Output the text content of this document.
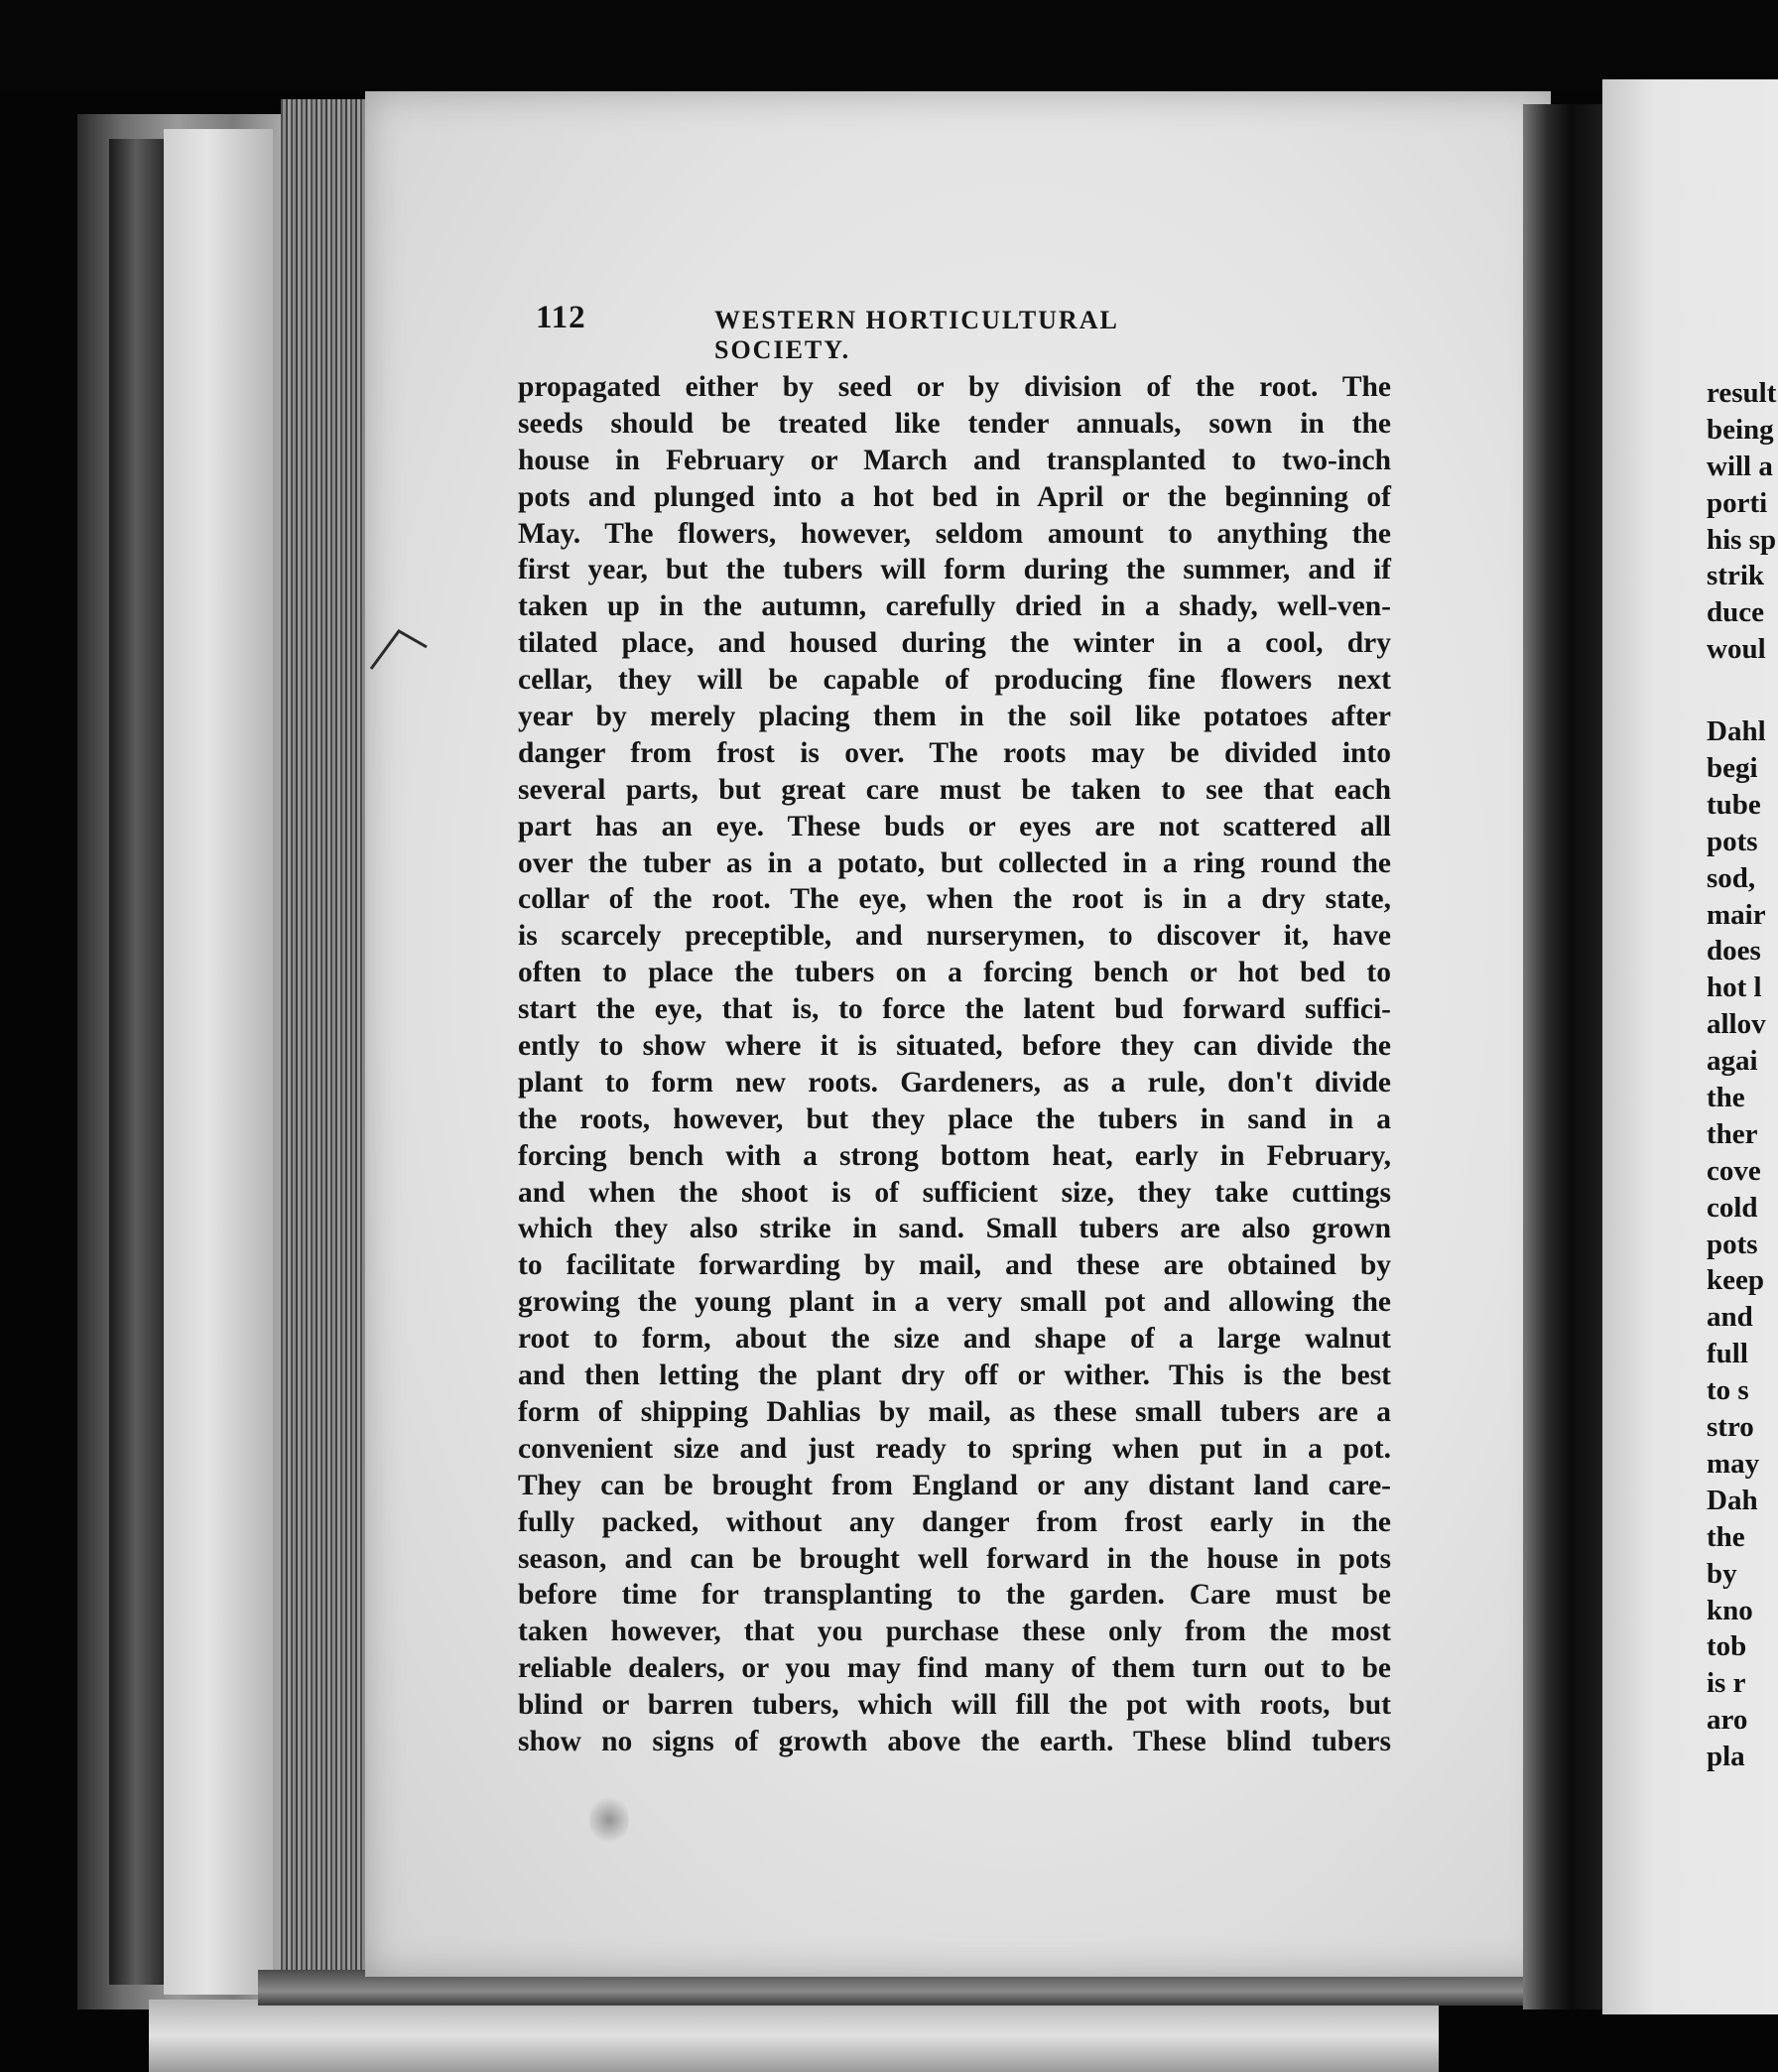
112	WESTERN HORTICULTURAL SOCIETY.
propagated either by seed or by division of the root. The
seeds should be treated like tender annuals, sown in the
house in February or March and transplanted to two-inch
pots and plunged into a hot bed in April or the beginning of
May. The flowers, however, seldom amount to anything the
first year, but the tubers will form during the summer, and if
taken up in the autumn, carefully dried in a shady, well-ven-
tilated place, and housed during the winter in a cool, dry
cellar, they will be capable of producing fine flowers next
year by merely placing them in the soil like potatoes after
danger from frost is over. The roots may be divided into
several parts, but great care must be taken to see that each
part has an eye. These buds or eyes are not scattered all
over the tuber as in a potato, but collected in a ring round the
collar of the root. The eye, when the root is in a dry state,
is scarcely preceptible, and nurserymen, to discover it, have
often to place the tubers on a forcing bench or hot bed to
start the eye, that is, to force the latent bud forward suffici-
ently to show where it is situated, before they can divide the
plant to form new roots. Gardeners, as a rule, don't divide
the roots, however, but they place the tubers in sand in a
forcing bench with a strong bottom heat, early in February,
and when the shoot is of sufficient size, they take cuttings
which they also strike in sand. Small tubers are also grown
to facilitate forwarding by mail, and these are obtained by
growing the young plant in a very small pot and allowing the
root to form, about the size and shape of a large walnut
and then letting the plant dry off or wither. This is the best
form of shipping Dahlias by mail, as these small tubers are a
convenient size and just ready to spring when put in a pot.
They can be brought from England or any distant land care-
fully packed, without any danger from frost early in the
season, and can be brought well forward in the house in pots
before time for transplanting to the garden. Care must be
taken however, that you purchase these only from the most
reliable dealers, or you may find many of them turn out to be
blind or barren tubers, which will fill the pot with roots, but
show no signs of growth above the earth. These blind tubers
result
being
will a
porti
his sp
strik
duce
woul
Dahl
begi
tube
pots
sod,
mair
does
hot l
allov
agai
the
ther
cove
cold
pots
keep
and
full
to s
stro
may
Dah
the
by
kno
tob
is r
aro
pla
